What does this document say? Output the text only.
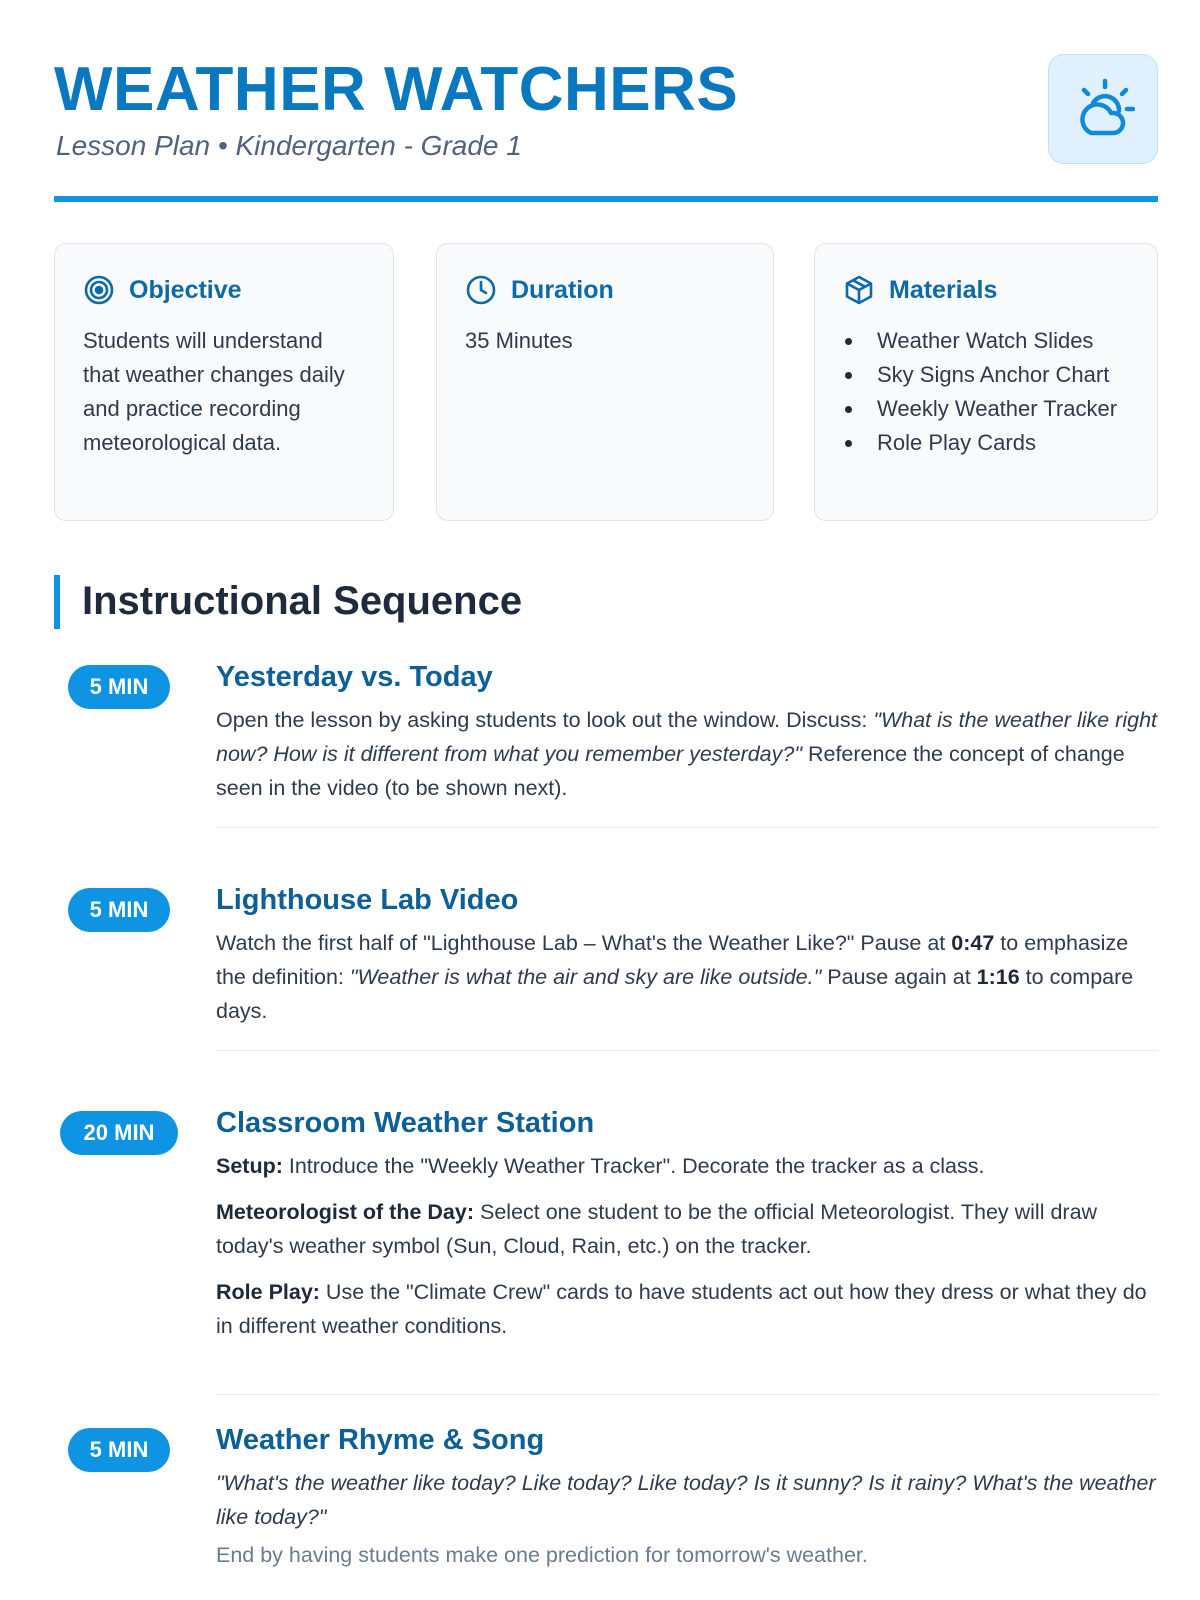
WEATHER WATCHERS
Lesson Plan • Kindergarten - Grade 1
Objective

Students will understand that weather changes daily and practice recording meteorological data.

Duration

35 Minutes

Materials
Weather Watch Slides
Sky Signs Anchor Chart
Weekly Weather Tracker
Role Play Cards
Instructional Sequence
5 MIN	Yesterday vs. Today

Open the lesson by asking students to look out the window. Discuss: "What is the weather like right now? How is it different from what you remember yesterday?" Reference the concept of change seen in the video (to be shown next).

5 MIN	Lighthouse Lab Video

Watch the first half of "Lighthouse Lab – What's the Weather Like?" Pause at 0:47 to emphasize the definition: "Weather is what the air and sky are like outside." Pause again at 1:16 to compare days.

20 MIN	Classroom Weather Station

Setup: Introduce the "Weekly Weather Tracker". Decorate the tracker as a class.

Meteorologist of the Day: Select one student to be the official Meteorologist. They will draw today's weather symbol (Sun, Cloud, Rain, etc.) on the tracker.

Role Play: Use the "Climate Crew" cards to have students act out how they dress or what they do in different weather conditions.

5 MIN	Weather Rhyme & Song

"What's the weather like today? Like today? Like today? Is it sunny? Is it rainy? What's the weather like today?"

End by having students make one prediction for tomorrow's weather.
